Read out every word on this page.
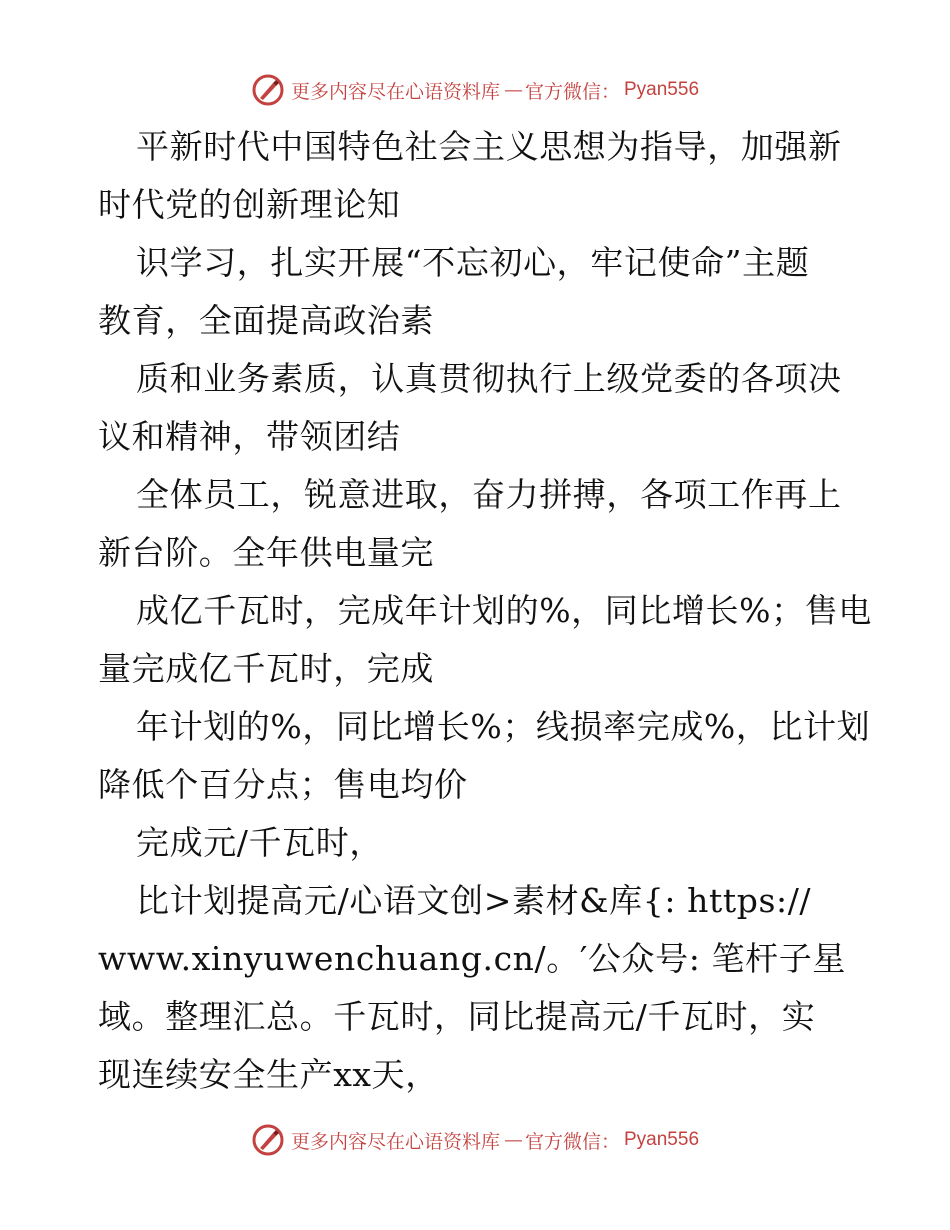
更多内容尽在心语资料库 — 官方微信： Pyan556
平新时代中国特色社会主义思想为指导，加强新
时代党的创新理论知
识学习，扎实开展“不忘初心，牢记使命”主题
教育，全面提高政治素
质和业务素质，认真贯彻执行上级党委的各项决
议和精神，带领团结
全体员工，锐意进取，奋力拼搏，各项工作再上
新台阶。全年供电量完
成亿千瓦时，完成年计划的%，同比增长%；售电
量完成亿千瓦时，完成
年计划的%，同比增长%；线损率完成%，比计划
降低个百分点；售电均价
完成元/千瓦时，
比计划提高元/心语文创>素材&库{: https://
www.xinyuwenchuang.cn/。′公众号: 笔杆子星
域。整理汇总。千瓦时，同比提高元/千瓦时，实
现连续安全生产xx天，
更多内容尽在心语资料库 — 官方微信： Pyan556
